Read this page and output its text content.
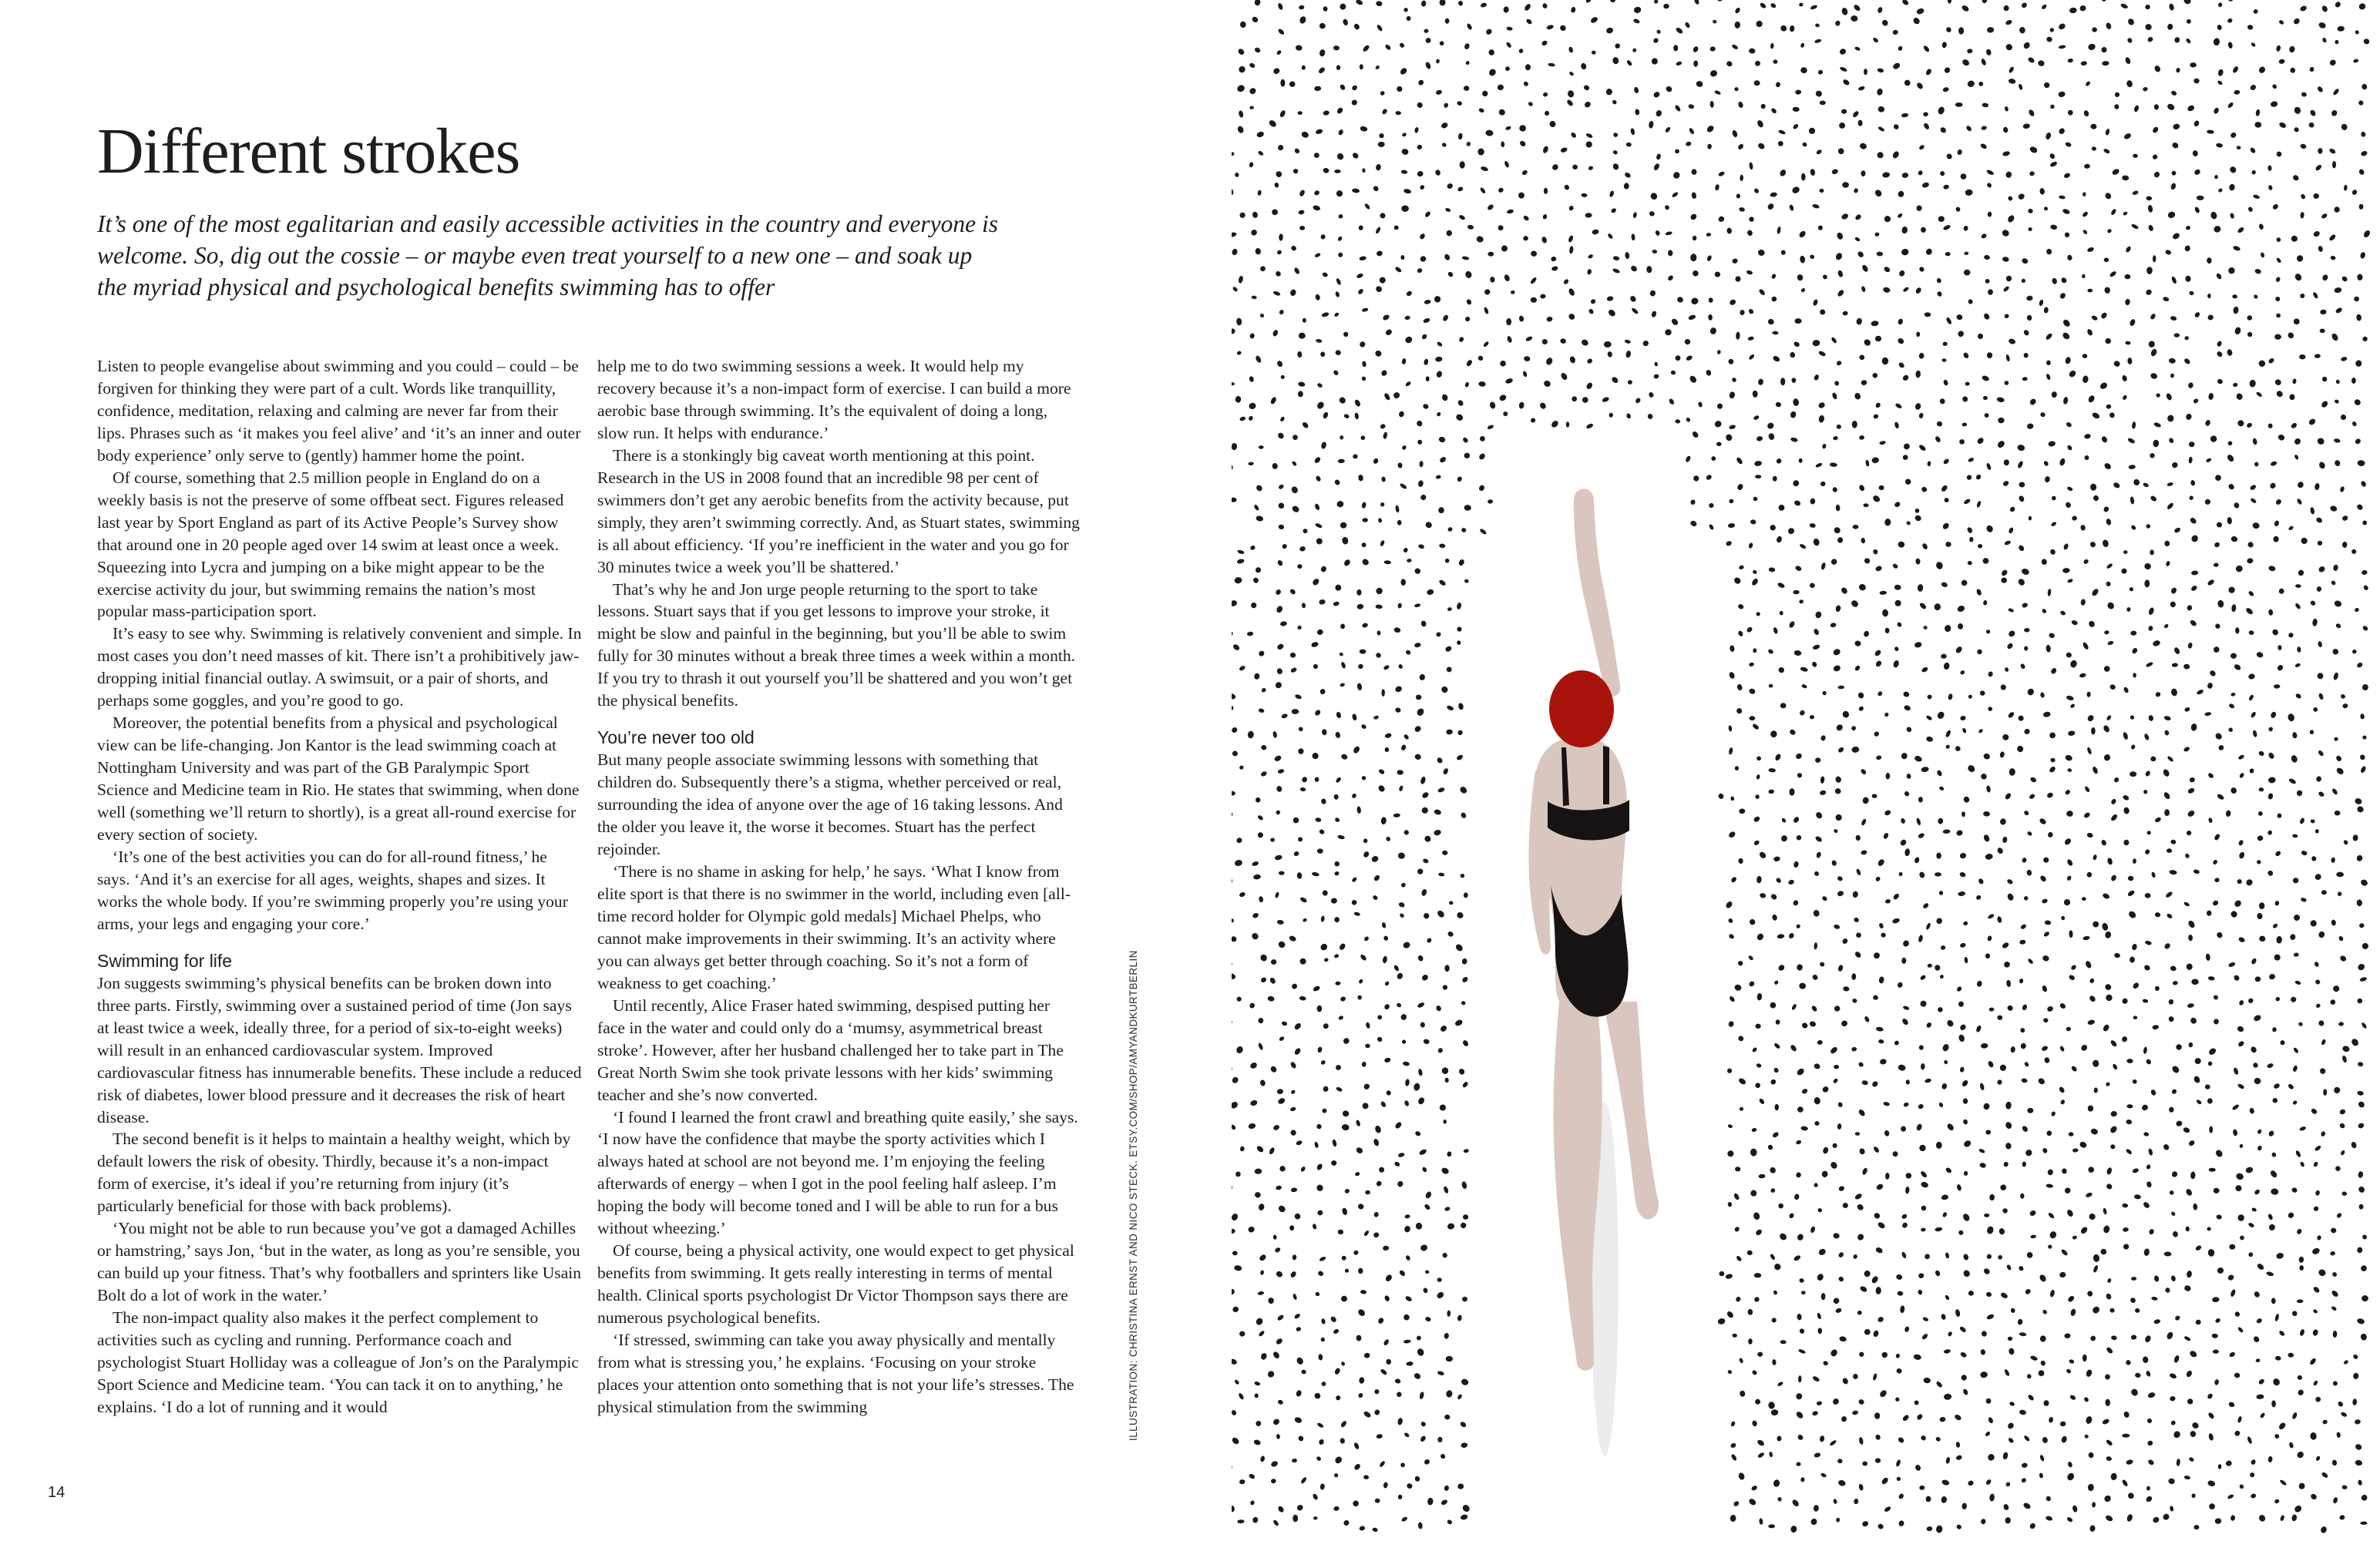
Different strokes

It’s one of the most egalitarian and easily accessible activities in the country and everyone is welcome. So, dig out the cossie – or maybe even treat yourself to a new one – and soak up the myriad physical and psychological benefits swimming has to offer

Listen to people evangelise about swimming and you could – could – be forgiven for thinking they were part of a cult. Words like tranquillity, confidence, meditation, relaxing and calming are never far from their lips. Phrases such as ‘it makes you feel alive’ and ‘it’s an inner and outer body experience’ only serve to (gently) hammer home the point.

Of course, something that 2.5 million people in England do on a weekly basis is not the preserve of some offbeat sect. Figures released last year by Sport England as part of its Active People’s Survey show that around one in 20 people aged over 14 swim at least once a week. Squeezing into Lycra and jumping on a bike might appear to be the exercise activity du jour, but swimming remains the nation’s most popular mass-participation sport.

It’s easy to see why. Swimming is relatively convenient and simple. In most cases you don’t need masses of kit. There isn’t a prohibitively jaw-dropping initial financial outlay. A swimsuit, or a pair of shorts, and perhaps some goggles, and you’re good to go.

Moreover, the potential benefits from a physical and psychological view can be life-changing. Jon Kantor is the lead swimming coach at Nottingham University and was part of the GB Paralympic Sport Science and Medicine team in Rio. He states that swimming, when done well (something we’ll return to shortly), is a great all-round exercise for every section of society.

‘It’s one of the best activities you can do for all-round fitness,’ he says. ‘And it’s an exercise for all ages, weights, shapes and sizes. It works the whole body. If you’re swimming properly you’re using your arms, your legs and engaging your core.’

Swimming for life

Jon suggests swimming’s physical benefits can be broken down into three parts. Firstly, swimming over a sustained period of time (Jon says at least twice a week, ideally three, for a period of six-to-eight weeks) will result in an enhanced cardiovascular system. Improved cardiovascular fitness has innumerable benefits. These include a reduced risk of diabetes, lower blood pressure and it decreases the risk of heart disease.

The second benefit is it helps to maintain a healthy weight, which by default lowers the risk of obesity. Thirdly, because it’s a non-impact form of exercise, it’s ideal if you’re returning from injury (it’s particularly beneficial for those with back problems).

‘You might not be able to run because you’ve got a damaged Achilles or hamstring,’ says Jon, ‘but in the water, as long as you’re sensible, you can build up your fitness. That’s why footballers and sprinters like Usain Bolt do a lot of work in the water.’

The non-impact quality also makes it the perfect complement to activities such as cycling and running. Performance coach and psychologist Stuart Holliday was a colleague of Jon’s on the Paralympic Sport Science and Medicine team. ‘You can tack it on to anything,’ he explains. ‘I do a lot of running and it would

help me to do two swimming sessions a week. It would help my recovery because it’s a non-impact form of exercise. I can build a more aerobic base through swimming. It’s the equivalent of doing a long, slow run. It helps with endurance.’

There is a stonkingly big caveat worth mentioning at this point. Research in the US in 2008 found that an incredible 98 per cent of swimmers don’t get any aerobic benefits from the activity because, put simply, they aren’t swimming correctly. And, as Stuart states, swimming is all about efficiency. ‘If you’re inefficient in the water and you go for 30 minutes twice a week you’ll be shattered.’

That’s why he and Jon urge people returning to the sport to take lessons. Stuart says that if you get lessons to improve your stroke, it might be slow and painful in the beginning, but you’ll be able to swim fully for 30 minutes without a break three times a week within a month. If you try to thrash it out yourself you’ll be shattered and you won’t get the physical benefits.

You’re never too old

But many people associate swimming lessons with something that children do. Subsequently there’s a stigma, whether perceived or real, surrounding the idea of anyone over the age of 16 taking lessons. And the older you leave it, the worse it becomes. Stuart has the perfect rejoinder.

‘There is no shame in asking for help,’ he says. ‘What I know from elite sport is that there is no swimmer in the world, including even [all-time record holder for Olympic gold medals] Michael Phelps, who cannot make improvements in their swimming. It’s an activity where you can always get better through coaching. So it’s not a form of weakness to get coaching.’

Until recently, Alice Fraser hated swimming, despised putting her face in the water and could only do a ‘mumsy, asymmetrical breast stroke’. However, after her husband challenged her to take part in The Great North Swim she took private lessons with her kids’ swimming teacher and she’s now converted.

‘I found I learned the front crawl and breathing quite easily,’ she says. ‘I now have the confidence that maybe the sporty activities which I always hated at school are not beyond me. I’m enjoying the feeling afterwards of energy – when I got in the pool feeling half asleep. I’m hoping the body will become toned and I will be able to run for a bus without wheezing.’

Of course, being a physical activity, one would expect to get physical benefits from swimming. It gets really interesting in terms of mental health. Clinical sports psychologist Dr Victor Thompson says there are numerous psychological benefits.

‘If stressed, swimming can take you away physically and mentally from what is stressing you,’ he explains. ‘Focusing on your stroke places your attention onto something that is not your life’s stresses. The physical stimulation from the swimming	ILLUSTRATION: CHRISTINA ERNST AND NICO STECK. ETSY.COM/SHOP/AMYANDKURTBERLIN
14
